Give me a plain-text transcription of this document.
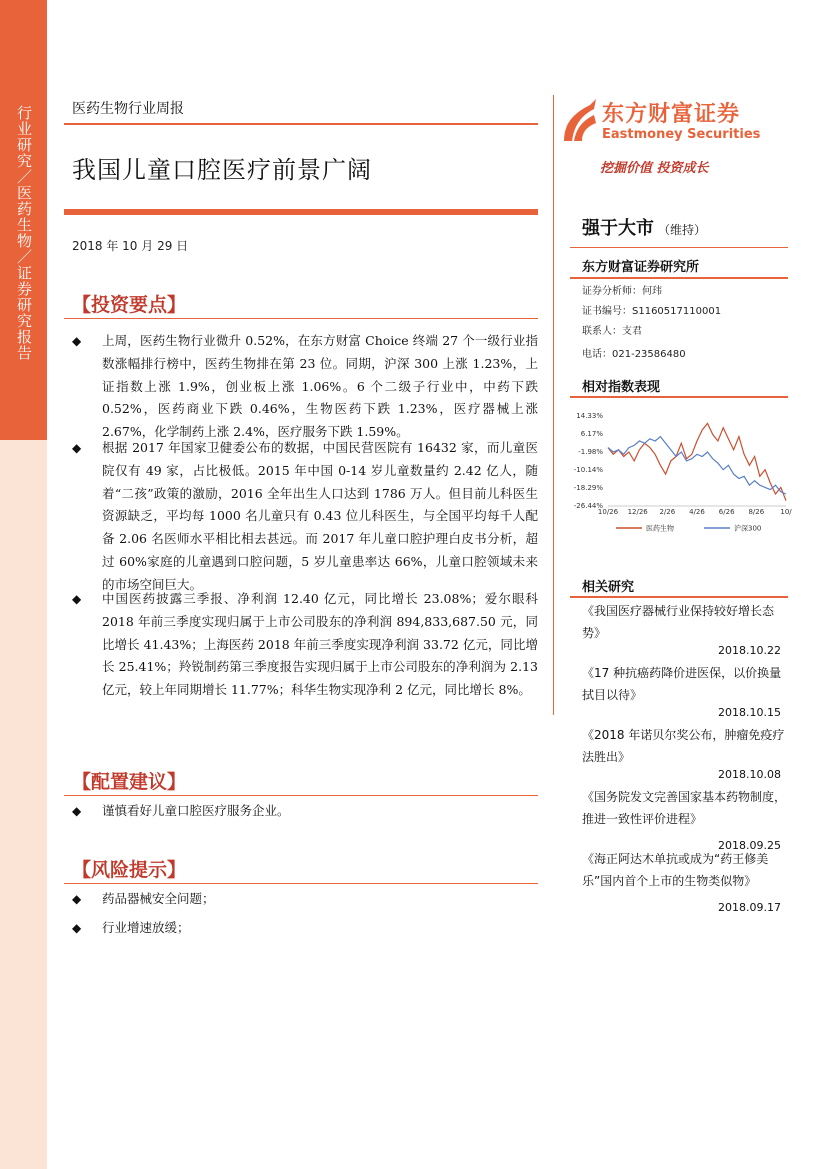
行业研究／医药生物／证券研究报告	医药生物行业周报
我国儿童口腔医疗前景广阔
2018 年 10 月 29 日
东方财富证券
Eastmoney Securities
挖掘价值 投资成长
强于大市 （维持）
东方财富证券研究所
证券分析师：何玮
证书编号：S1160517110001
联系人：支君
电话：021-23586480
相对指数表现
14.33%
6.17%
-1.98%
-10.14%
-18.29%
-26.44%
10/26 12/26 2/26 4/26 6/26 8/26 10/
医药生物	沪深300
相关研究
《我国医疗器械行业保持较好增长态势》
2018.10.22
《17 种抗癌药降价进医保，以价换量拭目以待》
2018.10.15
《2018 年诺贝尔奖公布，肿瘤免疫疗法胜出》
2018.10.08
《国务院发文完善国家基本药物制度，推进一致性评价进程》
2018.09.25
《海正阿达木单抗或成为“药王修美乐”国内首个上市的生物类似物》
2018.09.17
【投资要点】
◆ 上周，医药生物行业微升 0.52%，在东方财富 Choice 终端 27 个一级行业指数涨幅排行榜中，医药生物排在第 23 位。同期，沪深 300 上涨 1.23%，上证指数上涨 1.9%，创业板上涨 1.06%。6 个二级子行业中，中药下跌 0.52%，医药商业下跌 0.46%，生物医药下跌 1.23%，医疗器械上涨 2.67%，化学制药上涨 2.4%，医疗服务下跌 1.59%。
◆ 根据 2017 年国家卫健委公布的数据，中国民营医院有 16432 家，而儿童医院仅有 49 家，占比极低。2015 年中国 0-14 岁儿童数量约 2.42 亿人，随着“二孩”政策的激励，2016 全年出生人口达到 1786 万人。但目前儿科医生资源缺乏，平均每 1000 名儿童只有 0.43 位儿科医生，与全国平均每千人配备 2.06 名医师水平相比相去甚远。而 2017 年儿童口腔护理白皮书分析，超过 60%家庭的儿童遇到口腔问题，5 岁儿童患率达 66%，儿童口腔领域未来的市场空间巨大。
◆ 中国医药披露三季报、净利润 12.40 亿元，同比增长 23.08%；爱尔眼科 2018 年前三季度实现归属于上市公司股东的净利润 894,833,687.50 元，同比增长 41.43%；上海医药 2018 年前三季度实现净利润 33.72 亿元，同比增长 25.41%；羚锐制药第三季度报告实现归属于上市公司股东的净利润为 2.13 亿元，较上年同期增长 11.77%；科华生物实现净利 2 亿元，同比增长 8%。
【配置建议】
◆ 谨慎看好儿童口腔医疗服务企业。
【风险提示】
◆ 药品器械安全问题；
◆ 行业增速放缓；
